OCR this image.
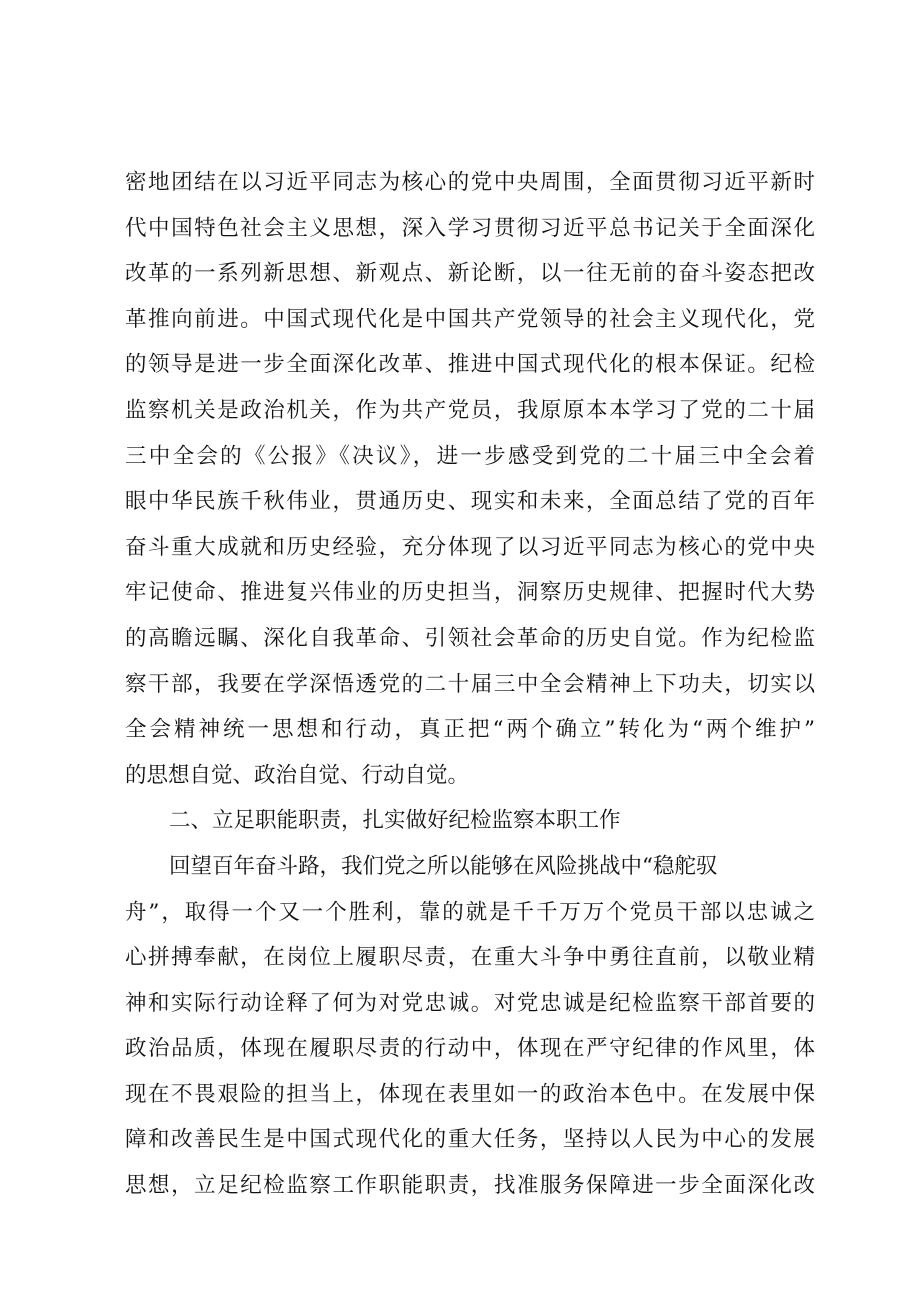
密地团结在以习近平同志为核心的党中央周围，全面贯彻习近平新时
代中国特色社会主义思想，深入学习贯彻习近平总书记关于全面深化
改革的一系列新思想、新观点、新论断，以一往无前的奋斗姿态把改
革推向前进。中国式现代化是中国共产党领导的社会主义现代化，党
的领导是进一步全面深化改革、推进中国式现代化的根本保证。纪检
监察机关是政治机关，作为共产党员，我原原本本学习了党的二十届
三中全会的《公报》《决议》，进一步感受到党的二十届三中全会着
眼中华民族千秋伟业，贯通历史、现实和未来，全面总结了党的百年
奋斗重大成就和历史经验，充分体现了以习近平同志为核心的党中央
牢记使命、推进复兴伟业的历史担当，洞察历史规律、把握时代大势
的高瞻远瞩、深化自我革命、引领社会革命的历史自觉。作为纪检监
察干部，我要在学深悟透党的二十届三中全会精神上下功夫，切实以
全会精神统一思想和行动，真正把“两个确立”转化为“两个维护”
的思想自觉、政治自觉、行动自觉。
二、立足职能职责，扎实做好纪检监察本职工作
回望百年奋斗路，我们党之所以能够在风险挑战中“稳舵驭
舟”，取得一个又一个胜利，靠的就是千千万万个党员干部以忠诚之
心拼搏奉献，在岗位上履职尽责，在重大斗争中勇往直前，以敬业精
神和实际行动诠释了何为对党忠诚。对党忠诚是纪检监察干部首要的
政治品质，体现在履职尽责的行动中，体现在严守纪律的作风里，体
现在不畏艰险的担当上，体现在表里如一的政治本色中。在发展中保
障和改善民生是中国式现代化的重大任务，坚持以人民为中心的发展
思想，立足纪检监察工作职能职责，找准服务保障进一步全面深化改
